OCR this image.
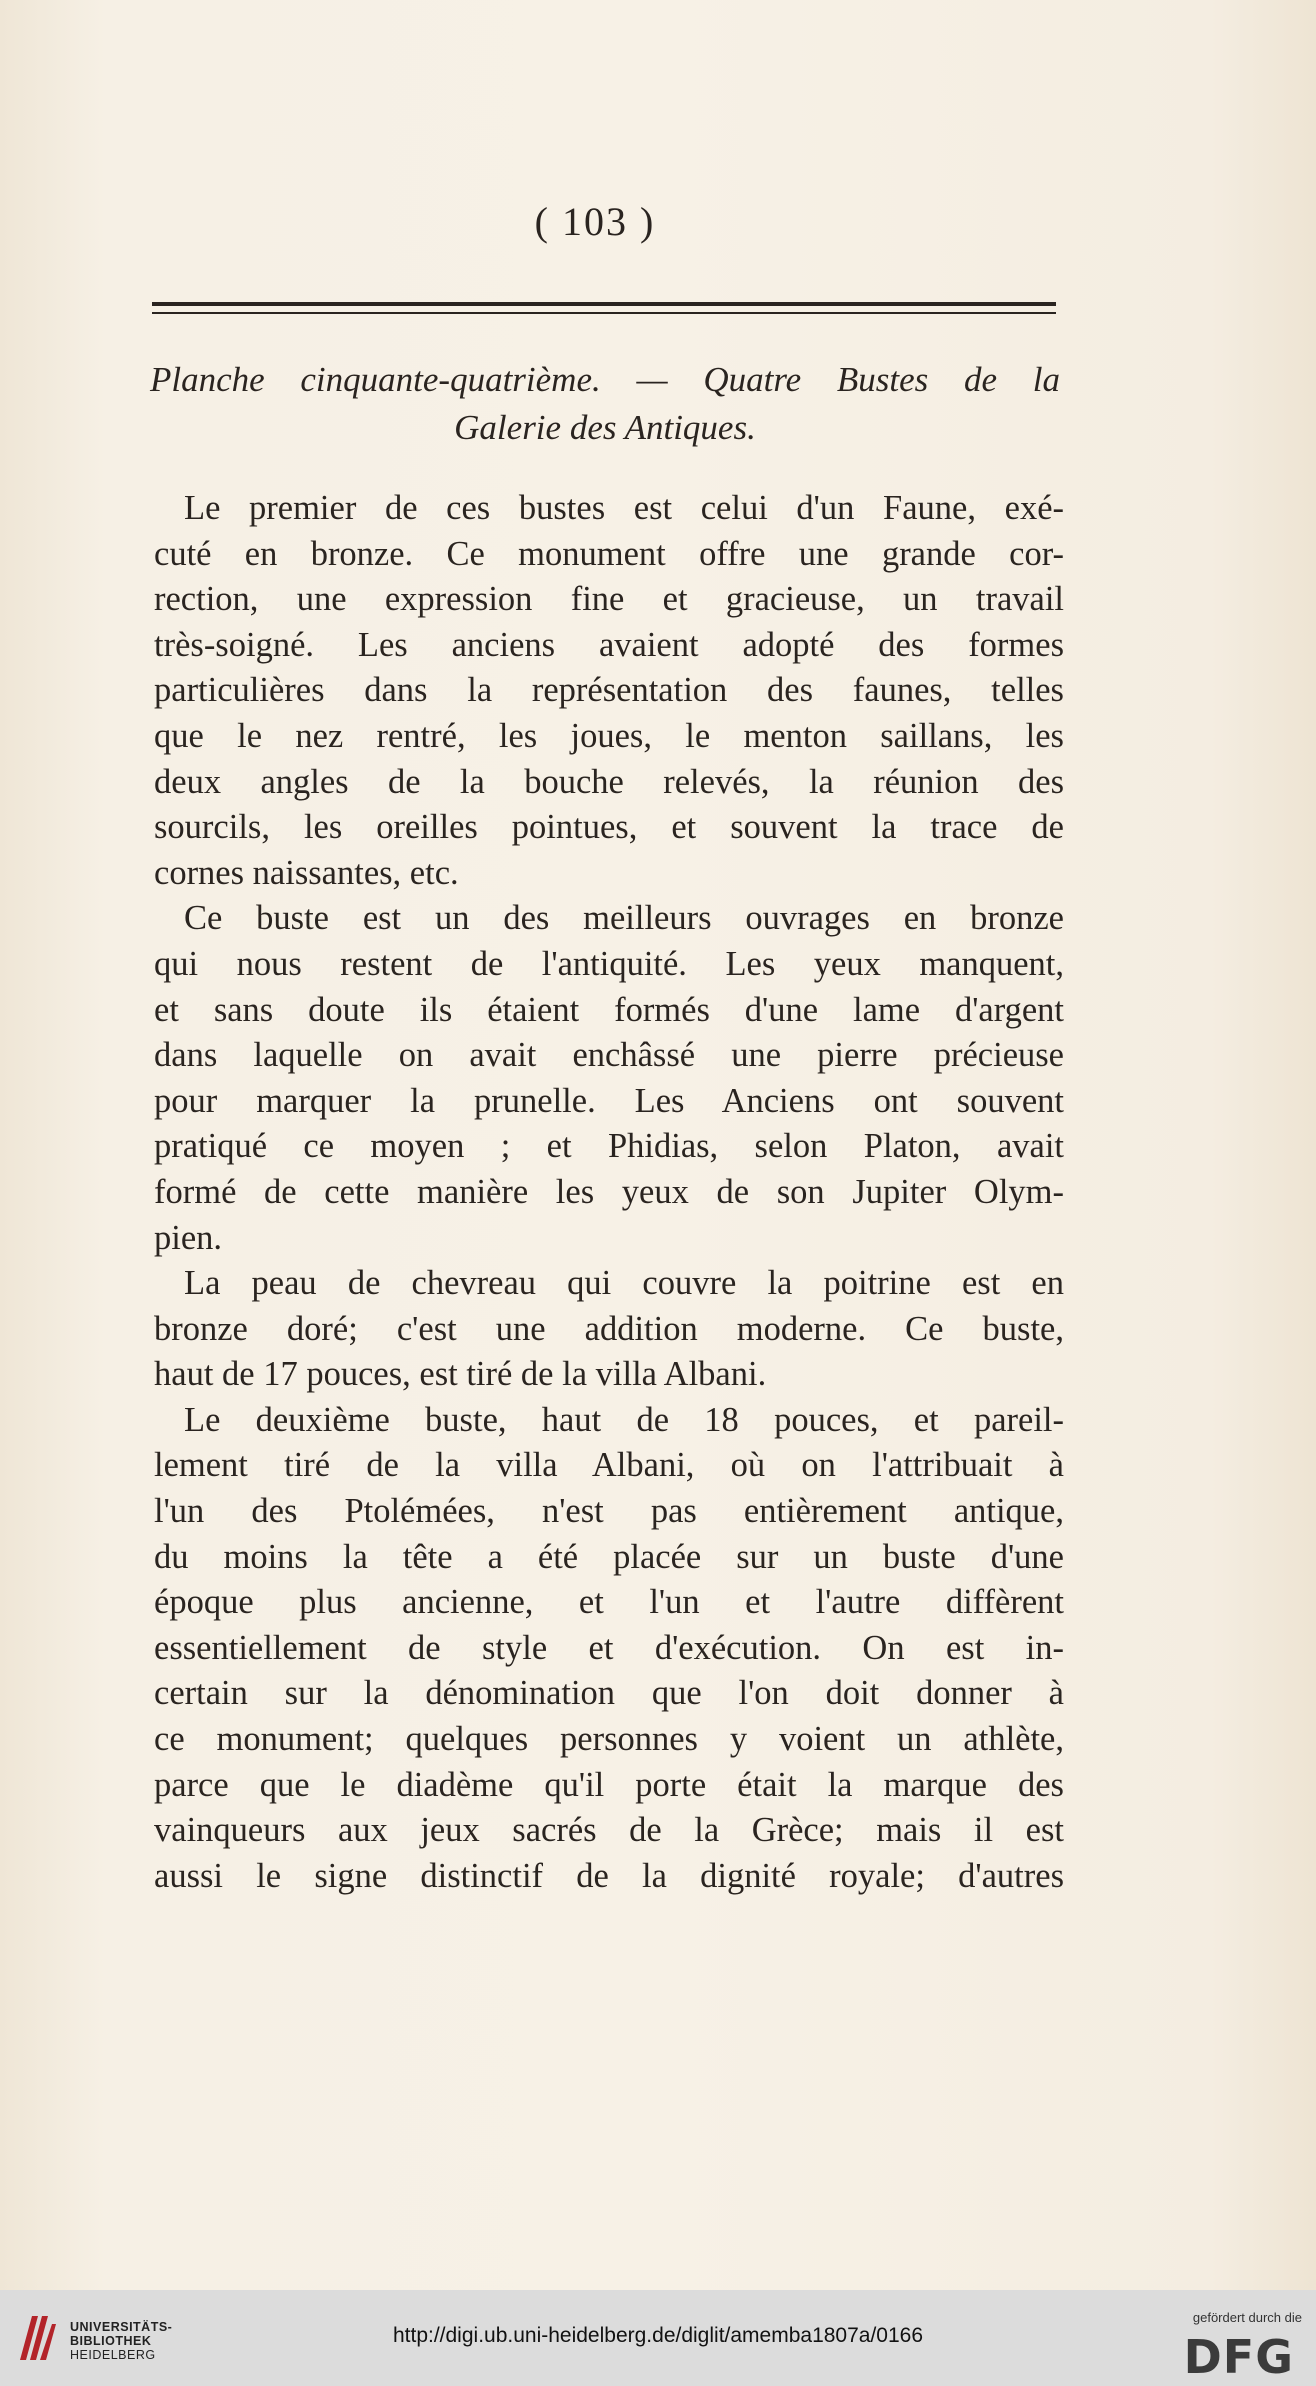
( 103 )
Planche cinquante-quatrième. — Quatre Bustes de la
Galerie des Antiques.
Le premier de ces bustes est celui d'un Faune, exé-
cuté en bronze. Ce monument offre une grande cor-
rection, une expression fine et gracieuse, un travail
très-soigné. Les anciens avaient adopté des formes
particulières dans la représentation des faunes, telles
que le nez rentré, les joues, le menton saillans, les
deux angles de la bouche relevés, la réunion des
sourcils, les oreilles pointues, et souvent la trace de
cornes naissantes, etc.
Ce buste est un des meilleurs ouvrages en bronze
qui nous restent de l'antiquité. Les yeux manquent,
et sans doute ils étaient formés d'une lame d'argent
dans laquelle on avait enchâssé une pierre précieuse
pour marquer la prunelle. Les Anciens ont souvent
pratiqué ce moyen ; et Phidias, selon Platon, avait
formé de cette manière les yeux de son Jupiter Olym-
pien.
La peau de chevreau qui couvre la poitrine est en
bronze doré; c'est une addition moderne. Ce buste,
haut de 17 pouces, est tiré de la villa Albani.
Le deuxième buste, haut de 18 pouces, et pareil-
lement tiré de la villa Albani, où on l'attribuait à
l'un des Ptolémées, n'est pas entièrement antique,
du moins la tête a été placée sur un buste d'une
époque plus ancienne, et l'un et l'autre diffèrent
essentiellement de style et d'exécution. On est in-
certain sur la dénomination que l'on doit donner à
ce monument; quelques personnes y voient un athlète,
parce que le diadème qu'il porte était la marque des
vainqueurs aux jeux sacrés de la Grèce; mais il est
aussi le signe distinctif de la dignité royale; d'autres
UNIVERSITÄTS-
BIBLIOTHEK
HEIDELBERG
http://digi.ub.uni-heidelberg.de/diglit/amemba1807a/0166
gefördert durch die
DFG
